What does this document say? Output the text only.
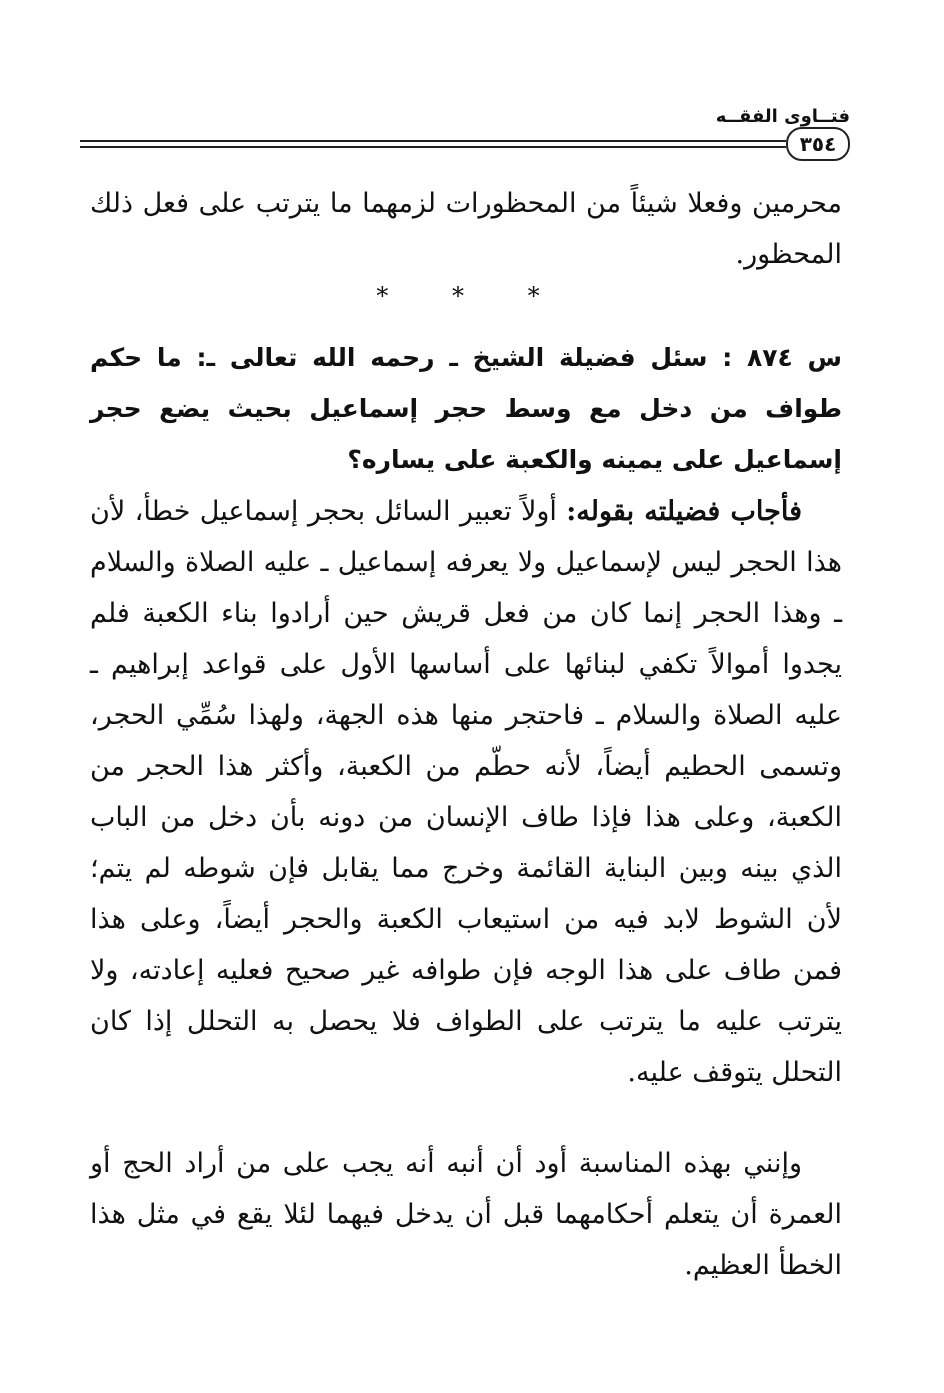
فتــاوى الفقــه
٣٥٤

محرمين وفعلا شيئاً من المحظورات لزمهما ما يترتب على فعل ذلك المحظور.

* * *

س ٨٧٤ : سئل فضيلة الشيخ ـ رحمه الله تعالى ـ: ما حكم طواف من دخل مع وسط حجر إسماعيل بحيث يضع حجر إسماعيل على يمينه والكعبة على يساره؟

فأجاب فضيلته بقوله: أولاً تعبير السائل بحجر إسماعيل خطأ، لأن هذا الحجر ليس لإسماعيل ولا يعرفه إسماعيل ـ عليه الصلاة والسلام ـ وهذا الحجر إنما كان من فعل قريش حين أرادوا بناء الكعبة فلم يجدوا أموالاً تكفي لبنائها على أساسها الأول على قواعد إبراهيم ـ عليه الصلاة والسلام ـ فاحتجر منها هذه الجهة، ولهذا سُمِّي الحجر، وتسمى الحطيم أيضاً، لأنه حطّم من الكعبة، وأكثر هذا الحجر من الكعبة، وعلى هذا فإذا طاف الإنسان من دونه بأن دخل من الباب الذي بينه وبين البناية القائمة وخرج مما يقابل فإن شوطه لم يتم؛ لأن الشوط لابد فيه من استيعاب الكعبة والحجر أيضاً، وعلى هذا فمن طاف على هذا الوجه فإن طوافه غير صحيح فعليه إعادته، ولا يترتب عليه ما يترتب على الطواف فلا يحصل به التحلل إذا كان التحلل يتوقف عليه.

وإنني بهذه المناسبة أود أن أنبه أنه يجب على من أراد الحج أو العمرة أن يتعلم أحكامهما قبل أن يدخل فيهما لئلا يقع في مثل هذا الخطأ العظيم.
